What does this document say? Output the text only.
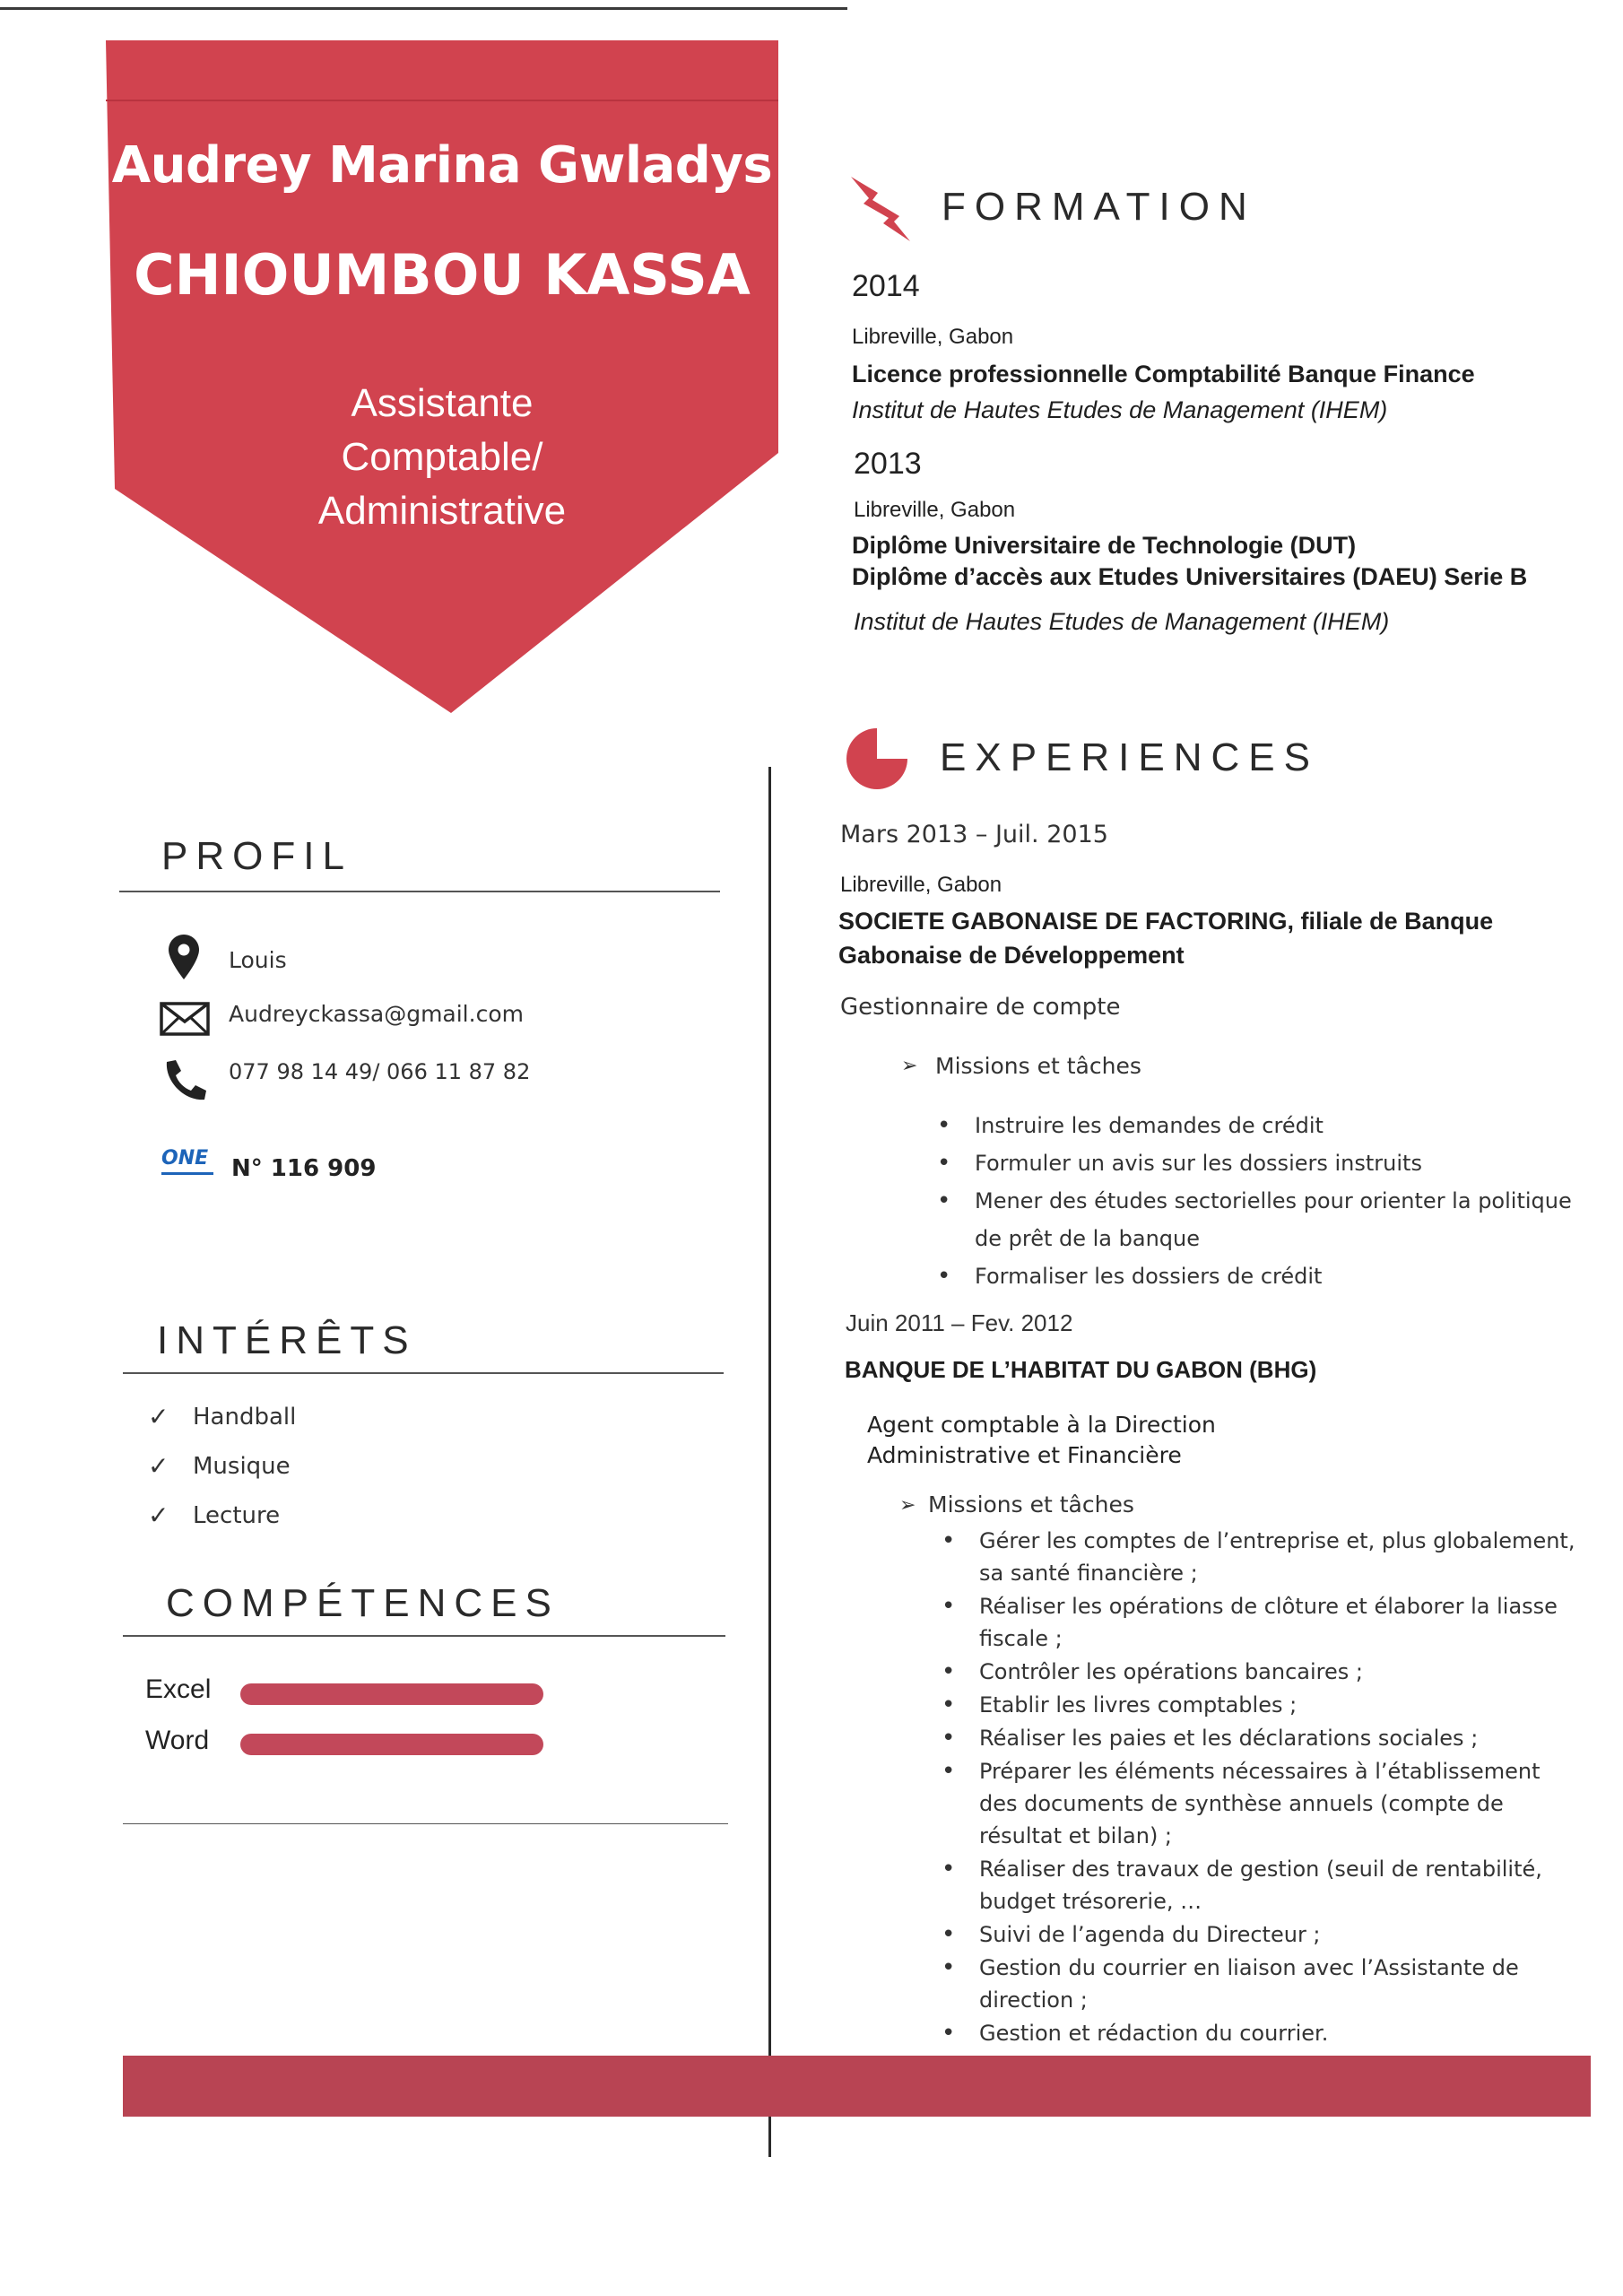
Audrey Marina Gwladys
CHIOUMBOU KASSA
Assistante
Comptable/
Administrative
PROFIL
Louis
Audreyckassa@gmail.com
077 98 14 49/ 066 11 87 82
ONE N° 116 909
INTÉRÊTS
✓ Handball
✓ Musique
✓ Lecture
COMPÉTENCES
Excel
Word
FORMATION
2014
Libreville, Gabon
Licence professionnelle Comptabilité Banque Finance
Institut de Hautes Etudes de Management (IHEM)
2013
Libreville, Gabon
Diplôme Universitaire de Technologie (DUT)
Diplôme d’accès aux Etudes Universitaires (DAEU) Serie B
Institut de Hautes Etudes de Management (IHEM)
EXPERIENCES
Mars 2013 – Juil. 2015
Libreville, Gabon
SOCIETE GABONAISE DE FACTORING, filiale de Banque Gabonaise de Développement
Gestionnaire de compte
➢ Missions et tâches
• Instruire les demandes de crédit
• Formuler un avis sur les dossiers instruits
• Mener des études sectorielles pour orienter la politique de prêt de la banque
• Formaliser les dossiers de crédit
Juin 2011 – Fev. 2012
BANQUE DE L’HABITAT DU GABON (BHG)
Agent comptable à la Direction Administrative et Financière
➢ Missions et tâches
• Gérer les comptes de l’entreprise et, plus globalement, sa santé financière ;
• Réaliser les opérations de clôture et élaborer la liasse fiscale ;
• Contrôler les opérations bancaires ;
• Etablir les livres comptables ;
• Réaliser les paies et les déclarations sociales ;
• Préparer les éléments nécessaires à l’établissement des documents de synthèse annuels (compte de résultat et bilan) ;
• Réaliser des travaux de gestion (seuil de rentabilité, budget trésorerie, …
• Suivi de l’agenda du Directeur ;
• Gestion du courrier en liaison avec l’Assistante de direction ;
• Gestion et rédaction du courrier.
